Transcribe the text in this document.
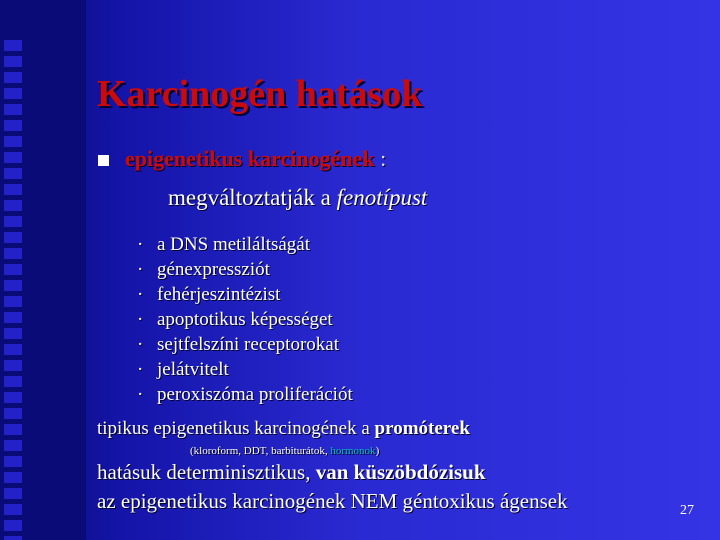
Karcinogén hatások
epigenetikus karcinogének :
megváltoztatják a fenotípust
· a DNS metiláltságát
· génexpressziót
· fehérjeszintézist
· apoptotikus képességet
· sejtfelszíni receptorokat
· jelátvitelt
· peroxiszóma proliferációt
tipikus epigenetikus karcinogének a promóterek
(kloroform, DDT, barbiturátok, hormonok)
hatásuk determinisztikus, van küszöbdózisuk
az epigenetikus karcinogének NEM géntoxikus ágensek	27
